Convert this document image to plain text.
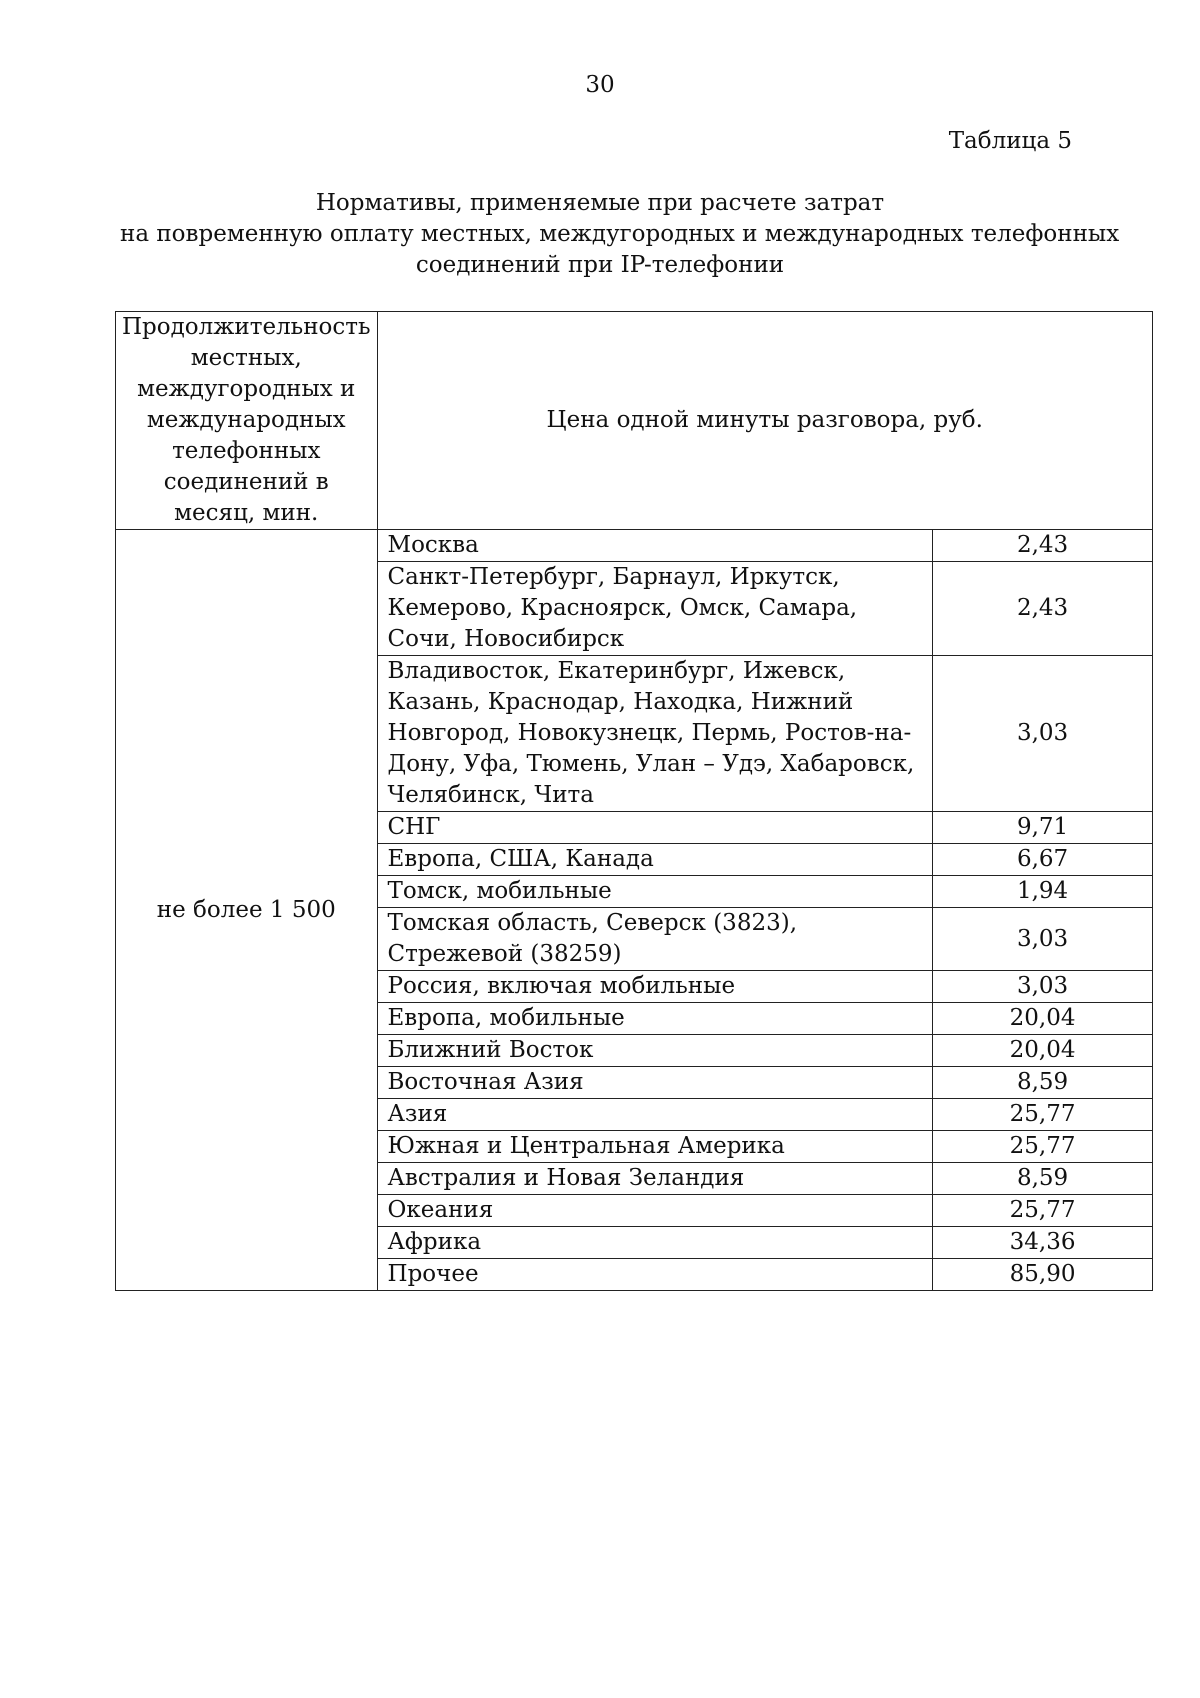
30
Таблица 5
Нормативы, применяемые при расчете затрат
на повременную оплату местных, междугородных и международных телефонных
соединений при IP-телефонии
Продолжительность местных, междугородных и международных телефонных соединений в месяц, мин.	Цена одной минуты разговора, руб.	
не более 1 500	Москва	2,43
	Санкт-Петербург, Барнаул, Иркутск, Кемерово, Красноярск, Омск, Самара, Сочи, Новосибирск	2,43
	Владивосток, Екатеринбург, Ижевск, Казань, Краснодар, Находка, Нижний Новгород, Новокузнецк, Пермь, Ростов-на-Дону, Уфа, Тюмень, Улан – Удэ, Хабаровск, Челябинск, Чита	3,03
	СНГ	9,71
	Европа, США, Канада	6,67
	Томск, мобильные	1,94
	Томская область, Северск (3823), Стрежевой (38259)	3,03
	Россия, включая мобильные	3,03
	Европа, мобильные	20,04
	Ближний Восток	20,04
	Восточная Азия	8,59
	Азия	25,77
	Южная и Центральная Америка	25,77
	Австралия и Новая Зеландия	8,59
	Океания	25,77
	Африка	34,36
	Прочее	85,90
